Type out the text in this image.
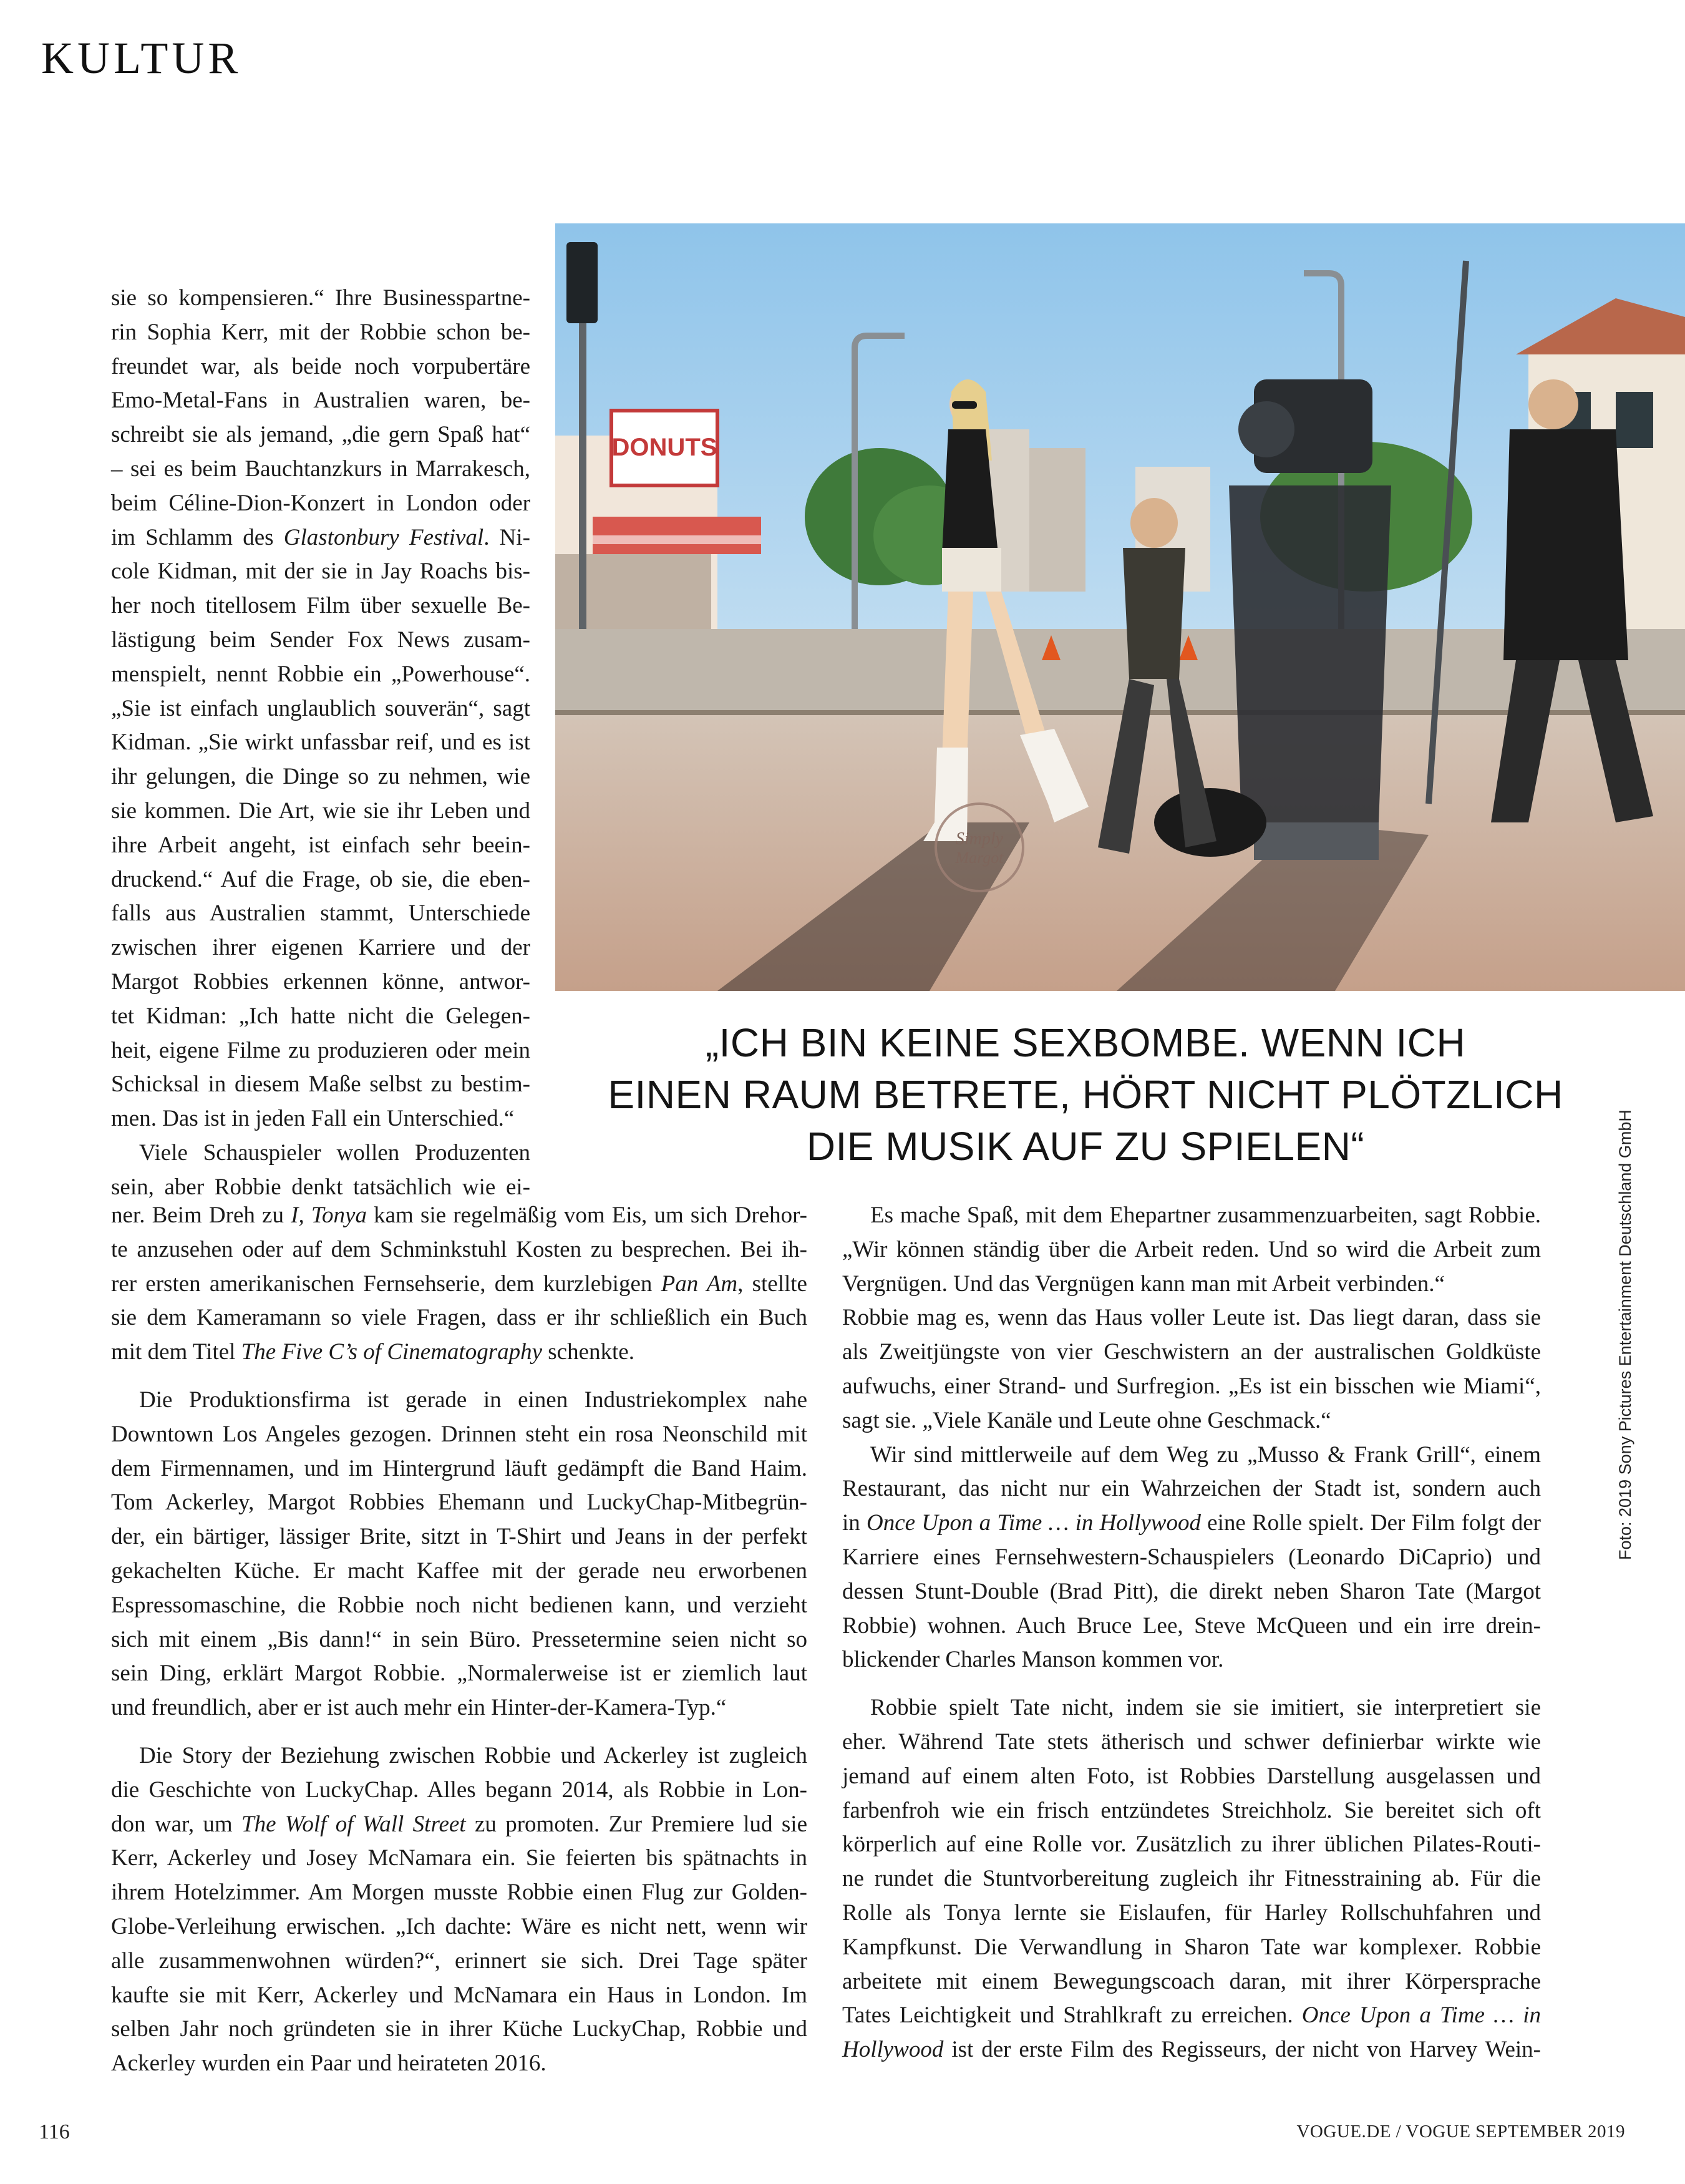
KULTUR
DONUTS
Simply
Margot
„ICH BIN KEINE SEXBOMBE. WENN ICH
EINEN RAUM BETRETE, HÖRT NICHT PLÖTZLICH
DIE MUSIK AUF ZU SPIELEN“
sie so kompensieren.“ Ihre Businesspartne-
rin Sophia Kerr, mit der Robbie schon be-
freundet war, als beide noch vorpubertäre
Emo-Metal-Fans in Australien waren, be-
schreibt sie als jemand, „die gern Spaß hat“
– sei es beim Bauchtanzkurs in Marrakesch,
beim Céline-Dion-Konzert in London oder
im Schlamm des Glastonbury Festival. Ni-
cole Kidman, mit der sie in Jay Roachs bis-
her noch titellosem Film über sexuelle Be-
lästigung beim Sender Fox News zusam-
menspielt, nennt Robbie ein „Powerhouse“.
„Sie ist einfach unglaublich souverän“, sagt
Kidman. „Sie wirkt unfassbar reif, und es ist
ihr gelungen, die Dinge so zu nehmen, wie
sie kommen. Die Art, wie sie ihr Leben und
ihre Arbeit angeht, ist einfach sehr beein-
druckend.“ Auf die Frage, ob sie, die eben-
falls aus Australien stammt, Unterschiede
zwischen ihrer eigenen Karriere und der
Margot Robbies erkennen könne, antwor-
tet Kidman: „Ich hatte nicht die Gelegen-
heit, eigene Filme zu produzieren oder mein
Schicksal in diesem Maße selbst zu bestim-
men. Das ist in jeden Fall ein Unterschied.“
Viele Schauspieler wollen Produzenten
sein, aber Robbie denkt tatsächlich wie ei-
ner. Beim Dreh zu I, Tonya kam sie regelmäßig vom Eis, um sich Drehor-
te anzusehen oder auf dem Schminkstuhl Kosten zu besprechen. Bei ih-
rer ersten amerikanischen Fernsehserie, dem kurzlebigen Pan Am, stellte
sie dem Kameramann so viele Fragen, dass er ihr schließlich ein Buch
mit dem Titel The Five C’s of Cinematography schenkte.
Die Produktionsfirma ist gerade in einen Industriekomplex nahe
Downtown Los Angeles gezogen. Drinnen steht ein rosa Neonschild mit
dem Firmennamen, und im Hintergrund läuft gedämpft die Band Haim.
Tom Ackerley, Margot Robbies Ehemann und LuckyChap-Mitbegrün-
der, ein bärtiger, lässiger Brite, sitzt in T-Shirt und Jeans in der perfekt
gekachelten Küche. Er macht Kaffee mit der gerade neu erworbenen
Espressomaschine, die Robbie noch nicht bedienen kann, und verzieht
sich mit einem „Bis dann!“ in sein Büro. Pressetermine seien nicht so
sein Ding, erklärt Margot Robbie. „Normalerweise ist er ziemlich laut
und freundlich, aber er ist auch mehr ein Hinter-der-Kamera-Typ.“
Die Story der Beziehung zwischen Robbie und Ackerley ist zugleich
die Geschichte von LuckyChap. Alles begann 2014, als Robbie in Lon-
don war, um The Wolf of Wall Street zu promoten. Zur Premiere lud sie
Kerr, Ackerley und Josey McNamara ein. Sie feierten bis spätnachts in
ihrem Hotelzimmer. Am Morgen musste Robbie einen Flug zur Golden-
Globe-Verleihung erwischen. „Ich dachte: Wäre es nicht nett, wenn wir
alle zusammenwohnen würden?“, erinnert sie sich. Drei Tage später
kaufte sie mit Kerr, Ackerley und McNamara ein Haus in London. Im
selben Jahr noch gründeten sie in ihrer Küche LuckyChap, Robbie und
Ackerley wurden ein Paar und heirateten 2016.
Es mache Spaß, mit dem Ehepartner zusammenzuarbeiten, sagt Robbie.
„Wir können ständig über die Arbeit reden. Und so wird die Arbeit zum
Vergnügen. Und das Vergnügen kann man mit Arbeit verbinden.“
Robbie mag es, wenn das Haus voller Leute ist. Das liegt daran, dass sie
als Zweitjüngste von vier Geschwistern an der australischen Goldküste
aufwuchs, einer Strand- und Surfregion. „Es ist ein bisschen wie Miami“,
sagt sie. „Viele Kanäle und Leute ohne Geschmack.“
Wir sind mittlerweile auf dem Weg zu „Musso & Frank Grill“, einem
Restaurant, das nicht nur ein Wahrzeichen der Stadt ist, sondern auch
in Once Upon a Time … in Hollywood eine Rolle spielt. Der Film folgt der
Karriere eines Fernsehwestern-Schauspielers (Leonardo DiCaprio) und
dessen Stunt-Double (Brad Pitt), die direkt neben Sharon Tate (Margot
Robbie) wohnen. Auch Bruce Lee, Steve McQueen und ein irre drein-
blickender Charles Manson kommen vor.
Robbie spielt Tate nicht, indem sie sie imitiert, sie interpretiert sie
eher. Während Tate stets ätherisch und schwer definierbar wirkte wie
jemand auf einem alten Foto, ist Robbies Darstellung ausgelassen und
farbenfroh wie ein frisch entzündetes Streichholz. Sie bereitet sich oft
körperlich auf eine Rolle vor. Zusätzlich zu ihrer üblichen Pilates-Routi-
ne rundet die Stuntvorbereitung zugleich ihr Fitnesstraining ab. Für die
Rolle als Tonya lernte sie Eislaufen, für Harley Rollschuhfahren und
Kampfkunst. Die Verwandlung in Sharon Tate war komplexer. Robbie
arbeitete mit einem Bewegungscoach daran, mit ihrer Körpersprache
Tates Leichtigkeit und Strahlkraft zu erreichen. Once Upon a Time … in
Hollywood ist der erste Film des Regisseurs, der nicht von Harvey Wein-
Foto: 2019 Sony Pictures Entertainment Deutschland GmbH
116	VOGUE.DE / VOGUE SEPTEMBER 2019
